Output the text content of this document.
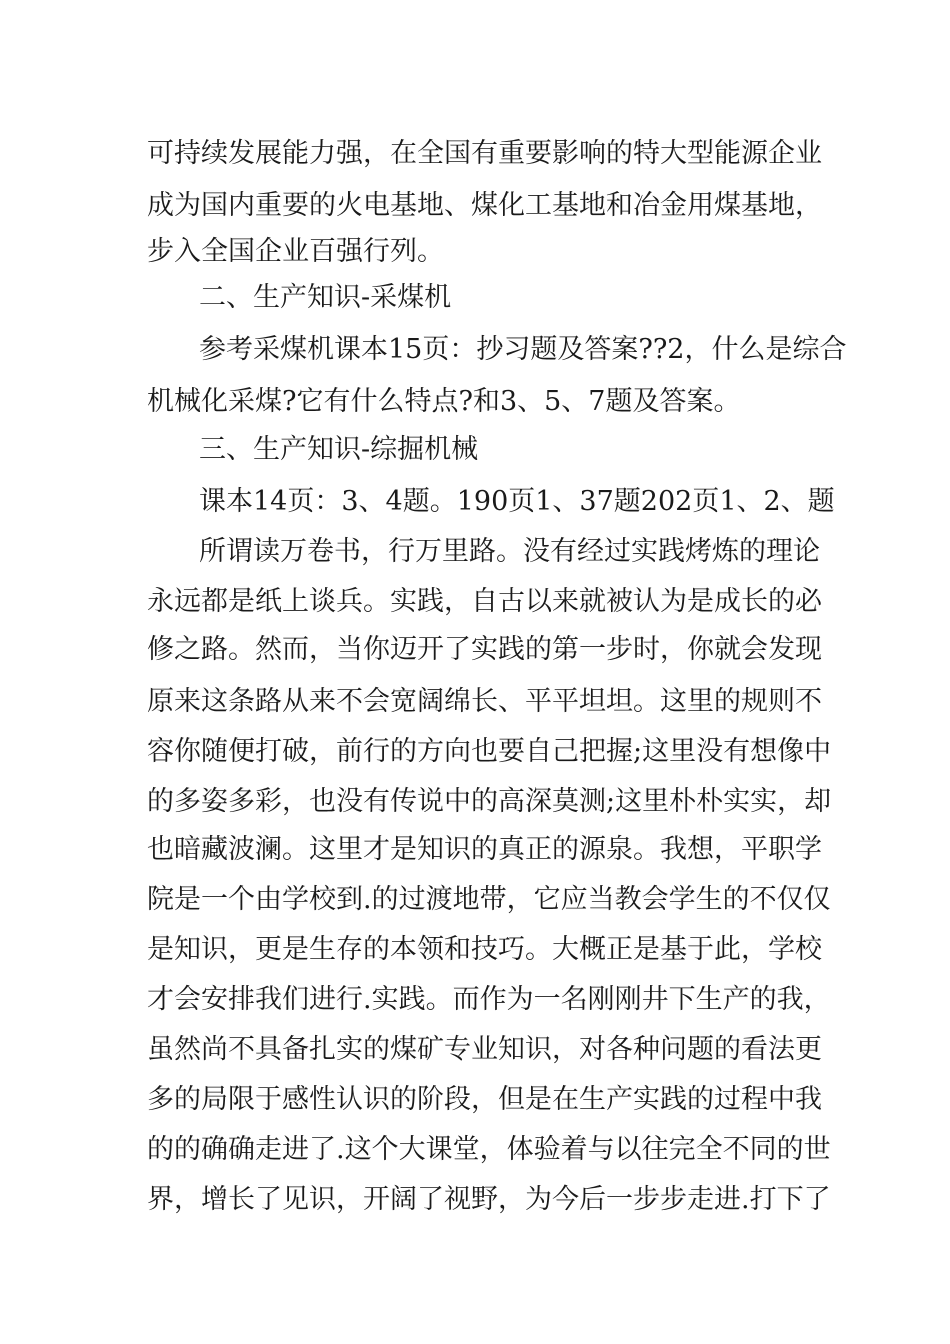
可持续发展能力强，在全国有重要影响的特大型能源企业
成为国内重要的火电基地、煤化工基地和冶金用煤基地，
步入全国企业百强行列。
二、生产知识-采煤机
参考采煤机课本15页：抄习题及答案??2，什么是综合
机械化采煤?它有什么特点?和3、5、7题及答案。
三、生产知识-综掘机械
课本14页：3、4题。190页1、37题202页1、2、题
所谓读万卷书，行万里路。没有经过实践烤炼的理论
永远都是纸上谈兵。实践，自古以来就被认为是成长的必
修之路。然而，当你迈开了实践的第一步时，你就会发现
原来这条路从来不会宽阔绵长、平平坦坦。这里的规则不
容你随便打破，前行的方向也要自己把握;这里没有想像中
的多姿多彩，也没有传说中的高深莫测;这里朴朴实实，却
也暗藏波澜。这里才是知识的真正的源泉。我想，平职学
院是一个由学校到.的过渡地带，它应当教会学生的不仅仅
是知识，更是生存的本领和技巧。大概正是基于此，学校
才会安排我们进行.实践。而作为一名刚刚井下生产的我，
虽然尚不具备扎实的煤矿专业知识，对各种问题的看法更
多的局限于感性认识的阶段，但是在生产实践的过程中我
的的确确走进了.这个大课堂，体验着与以往完全不同的世
界，增长了见识，开阔了视野，为今后一步步走进.打下了
